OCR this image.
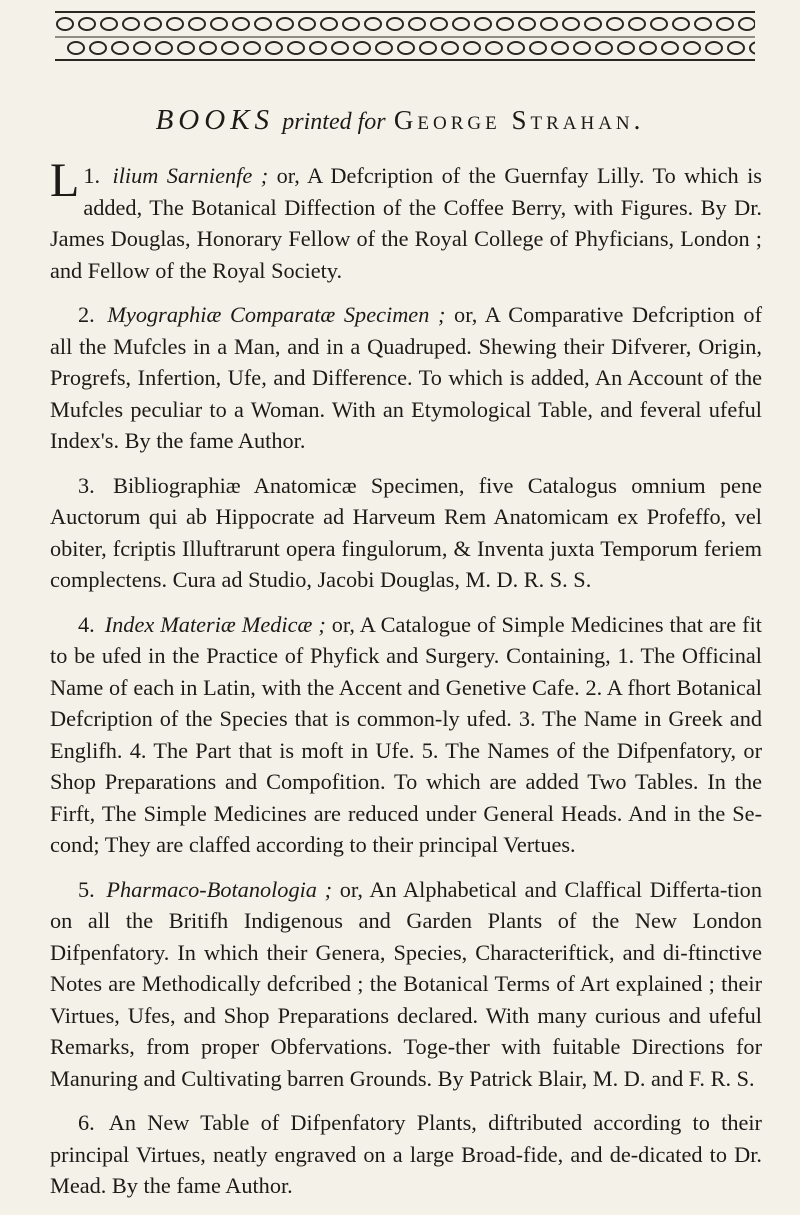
BOOKS printed for George Strahan.

1.
L ilium Sarnienfe ; or, A Defcription of the Guernfay Lilly. To which is added, The Botanical Diffection of the Coffee Berry, with Figures. By Dr. James Douglas, Honorary Fellow of the Royal College of Phyficians, London ; and Fellow of the Royal Society.

2. Myographiæ Comparatæ Specimen ; or, A Comparative Defcription of all the Mufcles in a Man, and in a Quadruped. Shewing their Difverer, Origin, Progrefs, Infertion, Ufe, and Difference. To which is added, An Account of the Mufcles peculiar to a Woman. With an Etymological Table, and feveral ufeful Index's. By the fame Author.

3. Bibliographiæ Anatomicæ Specimen, five Catalogus omnium pene Auctorum qui ab Hippocrate ad Harveum Rem Anatomicam ex Profeffo, vel obiter, fcriptis Illuftrarunt opera fingulorum, & Inventa juxta Temporum feriem complectens. Cura ad Studio, Jacobi Douglas, M. D. R. S. S.

4. Index Materiæ Medicæ ; or, A Catalogue of Simple Medicines that are fit to be ufed in the Practice of Phyfick and Surgery. Containing, 1. The Officinal Name of each in Latin, with the Accent and Genetive Cafe. 2. A fhort Botanical Defcription of the Species that is common-ly ufed. 3. The Name in Greek and Englifh. 4. The Part that is moft in Ufe. 5. The Names of the Difpenfatory, or Shop Preparations and Compofition. To which are added Two Tables. In the Firft, The Simple Medicines are reduced under General Heads. And in the Se-cond; They are claffed according to their principal Vertues.

5. Pharmaco-Botanologia ; or, An Alphabetical and Claffical Differta-tion on all the Britifh Indigenous and Garden Plants of the New London Difpenfatory. In which their Genera, Species, Characteriftick, and di-ftinctive Notes are Methodically defcribed ; the Botanical Terms of Art explained ; their Virtues, Ufes, and Shop Preparations declared. With many curious and ufeful Remarks, from proper Obfervations. Toge-ther with fuitable Directions for Manuring and Cultivating barren Grounds. By Patrick Blair, M. D. and F. R. S.

6. An New Table of Difpenfatory Plants, diftributed according to their principal Virtues, neatly engraved on a large Broad-fide, and de-dicated to Dr. Mead. By the fame Author.
